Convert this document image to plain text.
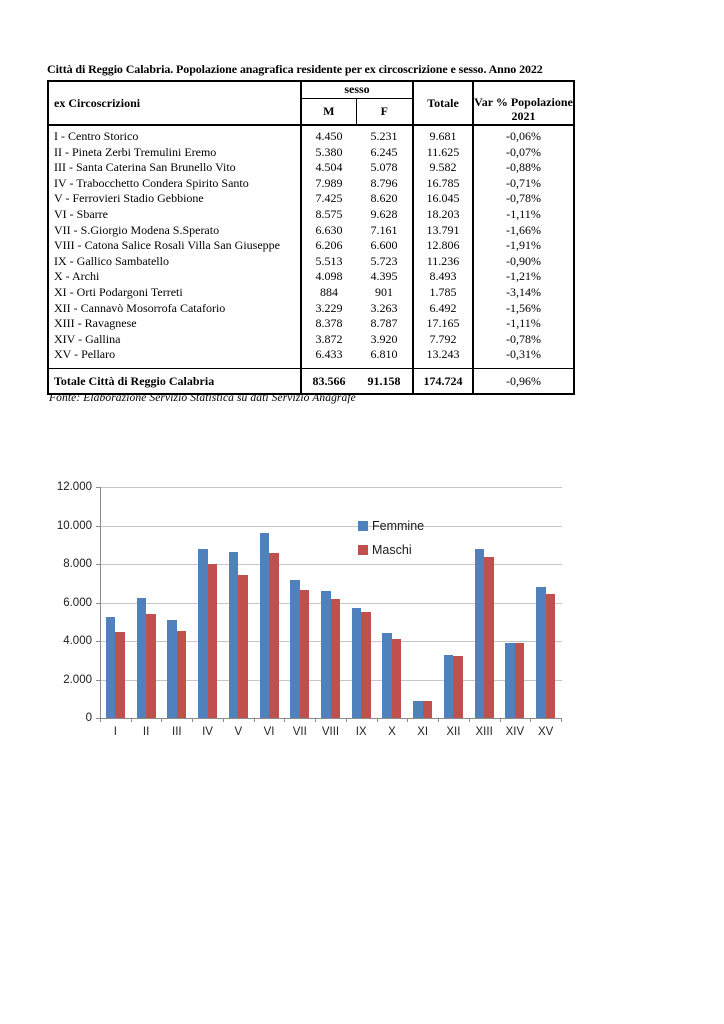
Città di Reggio Calabria. Popolazione anagrafica residente per ex circoscrizione e sesso. Anno 2022
ex Circoscrizioni	sesso		Totale	Var % Popolazione
2021

	M	F		
I - Centro Storico	4.450	5.231	9.681	-0,06%
II - Pineta Zerbi Tremulini Eremo	5.380	6.245	11.625	-0,07%
III - Santa Caterina San Brunello Vito	4.504	5.078	9.582	-0,88%
IV - Trabocchetto Condera Spirito Santo	7.989	8.796	16.785	-0,71%
V - Ferrovieri Stadio Gebbione	7.425	8.620	16.045	-0,78%
VI - Sbarre	8.575	9.628	18.203	-1,11%
VII - S.Giorgio Modena S.Sperato	6.630	7.161	13.791	-1,66%
VIII - Catona Salice Rosali Villa San Giuseppe	6.206	6.600	12.806	-1,91%
IX - Gallico Sambatello	5.513	5.723	11.236	-0,90%
X - Archi	4.098	4.395	8.493	-1,21%
XI - Orti Podargoni Terreti	884	901	1.785	-3,14%
XII - Cannavò Mosorrofa Cataforio	3.229	3.263	6.492	-1,56%
XIII - Ravagnese	8.378	8.787	17.165	-1,11%
XIV - Gallina	3.872	3.920	7.792	-0,78%
XV - Pellaro	6.433	6.810	13.243	-0,31%
Totale Città di Reggio Calabria	83.566	91.158	174.724	-0,96%
Fonte: Elaborazione Servizio Statistica su dati Servizio Anagrafe
0
2.000
4.000
6.000
8.000
10.000
12.000
I	II	III	IV	V	VI	VII	VIII	IX	X	XI	XII	XIII	XIV	XV
Femmine
Maschi
